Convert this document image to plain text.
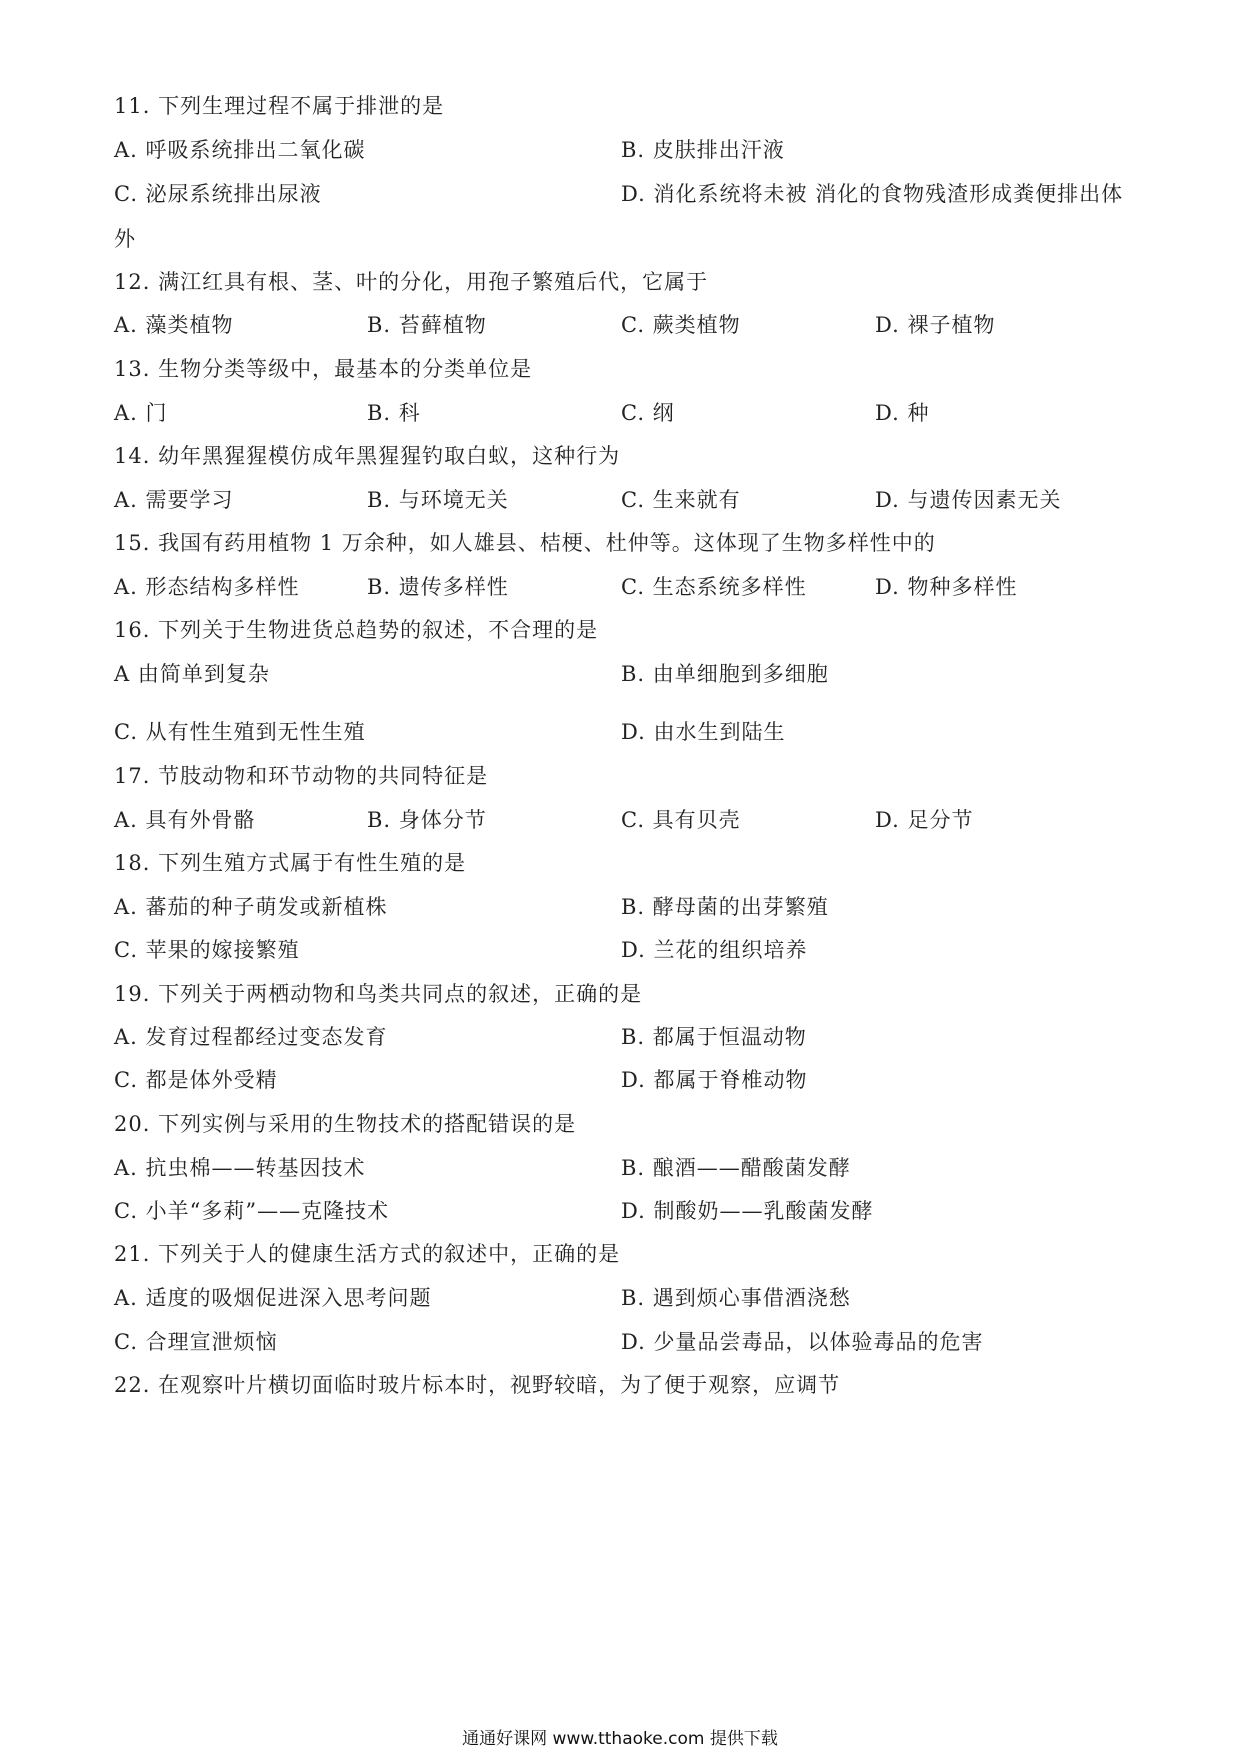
11. 下列生理过程不属于排泄的是
A. 呼吸系统排出二氧化碳	B. 皮肤排出汗液
C. 泌尿系统排出尿液	D. 消化系统将未被 消化的食物残渣形成粪便排出体
外
12. 满江红具有根、茎、叶的分化，用孢子繁殖后代，它属于
A. 藻类植物	B. 苔藓植物	C. 蕨类植物	D. 裸子植物
13. 生物分类等级中，最基本的分类单位是
A. 门	B. 科	C. 纲	D. 种
14. 幼年黑猩猩模仿成年黑猩猩钓取白蚁，这种行为
A. 需要学习	B. 与环境无关	C. 生来就有	D. 与遗传因素无关
15. 我国有药用植物 1 万余种，如人雄县、桔梗、杜仲等。这体现了生物多样性中的
A. 形态结构多样性	B. 遗传多样性	C. 生态系统多样性	D. 物种多样性
16. 下列关于生物进货总趋势的叙述，不合理的是
A 由简单到复杂	B. 由单细胞到多细胞
C. 从有性生殖到无性生殖	D. 由水生到陆生
17. 节肢动物和环节动物的共同特征是
A. 具有外骨骼	B. 身体分节	C. 具有贝壳	D. 足分节
18. 下列生殖方式属于有性生殖的是
A. 蕃茄的种子萌发或新植株	B. 酵母菌的出芽繁殖
C. 苹果的嫁接繁殖	D. 兰花的组织培养
19. 下列关于两栖动物和鸟类共同点的叙述，正确的是
A. 发育过程都经过变态发育	B. 都属于恒温动物
C. 都是体外受精	D. 都属于脊椎动物
20. 下列实例与采用的生物技术的搭配错误的是
A. 抗虫棉——转基因技术	B. 酿酒——醋酸菌发酵
C. 小羊“多莉”——克隆技术	D. 制酸奶——乳酸菌发酵
21. 下列关于人的健康生活方式的叙述中，正确的是
A. 适度的吸烟促进深入思考问题	B. 遇到烦心事借酒浇愁
C. 合理宣泄烦恼	D. 少量品尝毒品，以体验毒品的危害
22. 在观察叶片横切面临时玻片标本时，视野较暗，为了便于观察，应调节
通通好课网 www.tthaoke.com 提供下载
